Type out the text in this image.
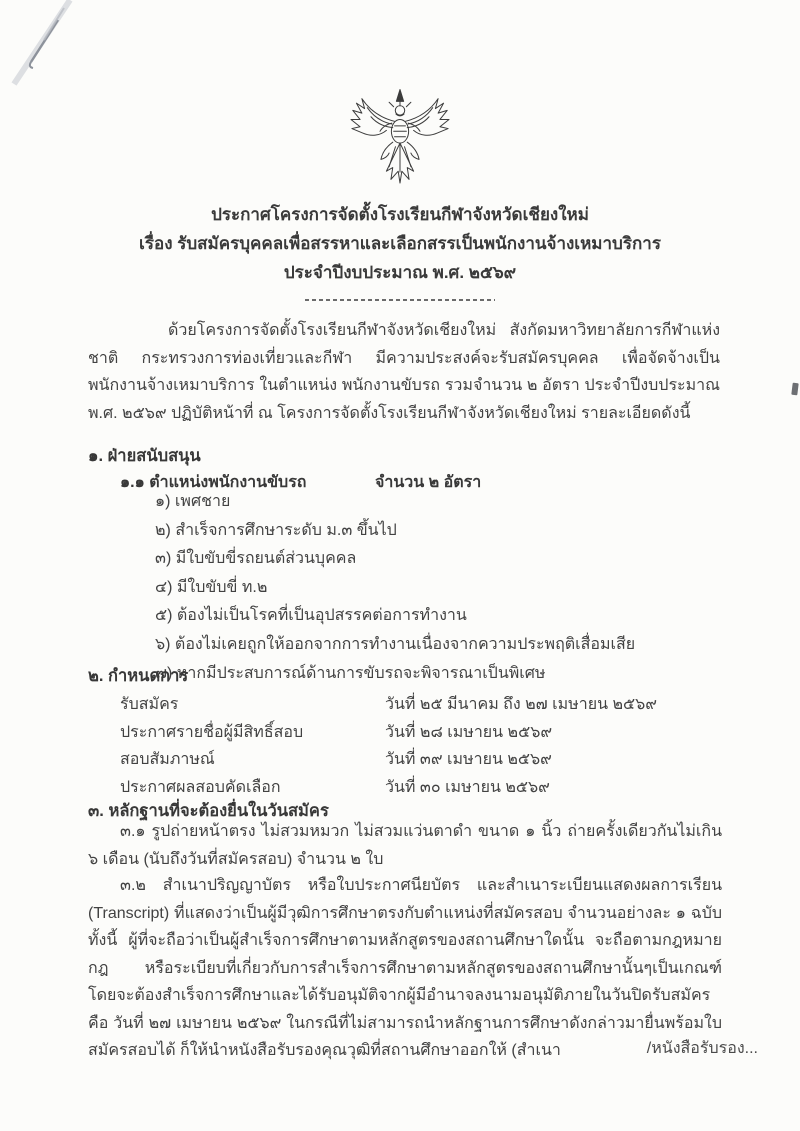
ประกาศโครงการจัดตั้งโรงเรียนกีฬาจังหวัดเชียงใหม่
เรื่อง รับสมัครบุคคลเพื่อสรรหาและเลือกสรรเป็นพนักงานจ้างเหมาบริการ
ประจำปีงบประมาณ พ.ศ. ๒๕๖๙
ด้วยโครงการจัดตั้งโรงเรียนกีฬาจังหวัดเชียงใหม่ สังกัดมหาวิทยาลัยการกีฬาแห่งชาติ กระทรวงการท่องเที่ยวและกีฬา มีความประสงค์จะรับสมัครบุคคล เพื่อจัดจ้างเป็นพนักงานจ้างเหมาบริการ ในตำแหน่ง พนักงานขับรถ รวมจำนวน ๒ อัตรา ประจำปีงบประมาณ พ.ศ. ๒๕๖๙ ปฏิบัติหน้าที่ ณ โครงการจัดตั้งโรงเรียนกีฬาจังหวัดเชียงใหม่ รายละเอียดดังนี้
๑. ฝ่ายสนับสนุน
๑.๑ ตำแหน่งพนักงานขับรถ	จำนวน ๒ อัตรา
๑) เพศชาย
๒) สำเร็จการศึกษาระดับ ม.๓ ขึ้นไป
๓) มีใบขับขี่รถยนต์ส่วนบุคคล
๔) มีใบขับขี่ ท.๒
๕) ต้องไม่เป็นโรคที่เป็นอุปสรรคต่อการทำงาน
๖) ต้องไม่เคยถูกให้ออกจากการทำงานเนื่องจากความประพฤติเสื่อมเสีย
๗) หากมีประสบการณ์ด้านการขับรถจะพิจารณาเป็นพิเศษ
๒. กำหนดการ
รับสมัคร	วันที่ ๒๕ มีนาคม ถึง ๒๗ เมษายน ๒๕๖๙
ประกาศรายชื่อผู้มีสิทธิ์สอบ	วันที่ ๒๘ เมษายน ๒๕๖๙
สอบสัมภาษณ์	วันที่ ๓๙ เมษายน ๒๕๖๙
ประกาศผลสอบคัดเลือก	วันที่ ๓๐ เมษายน ๒๕๖๙
๓. หลักฐานที่จะต้องยื่นในวันสมัคร
๓.๑ รูปถ่ายหน้าตรง ไม่สวมหมวก ไม่สวมแว่นตาดำ ขนาด ๑ นิ้ว ถ่ายครั้งเดียวกันไม่เกิน ๖ เดือน (นับถึงวันที่สมัครสอบ) จำนวน ๒ ใบ
๓.๒ สำเนาปริญญาบัตร หรือใบประกาศนียบัตร และสำเนาระเบียนแสดงผลการเรียน (Transcript) ที่แสดงว่าเป็นผู้มีวุฒิการศึกษาตรงกับตำแหน่งที่สมัครสอบ จำนวนอย่างละ ๑ ฉบับ ทั้งนี้ ผู้ที่จะถือว่าเป็นผู้สำเร็จการศึกษาตามหลักสูตรของสถานศึกษาใดนั้น จะถือตามกฎหมาย กฎ หรือระเบียบที่เกี่ยวกับการสำเร็จการศึกษาตามหลักสูตรของสถานศึกษานั้นๆเป็นเกณฑ์ โดยจะต้องสำเร็จการศึกษาและได้รับอนุมัติจากผู้มีอำนาจลงนามอนุมัติภายในวันปิดรับสมัครคือ วันที่ ๒๗ เมษายน ๒๕๖๙ ในกรณีที่ไม่สามารถนำหลักฐานการศึกษาดังกล่าวมายื่นพร้อมใบสมัครสอบได้ ก็ให้นำหนังสือรับรองคุณวุฒิที่สถานศึกษาออกให้ (สำเนา	/หนังสือรับรอง...
